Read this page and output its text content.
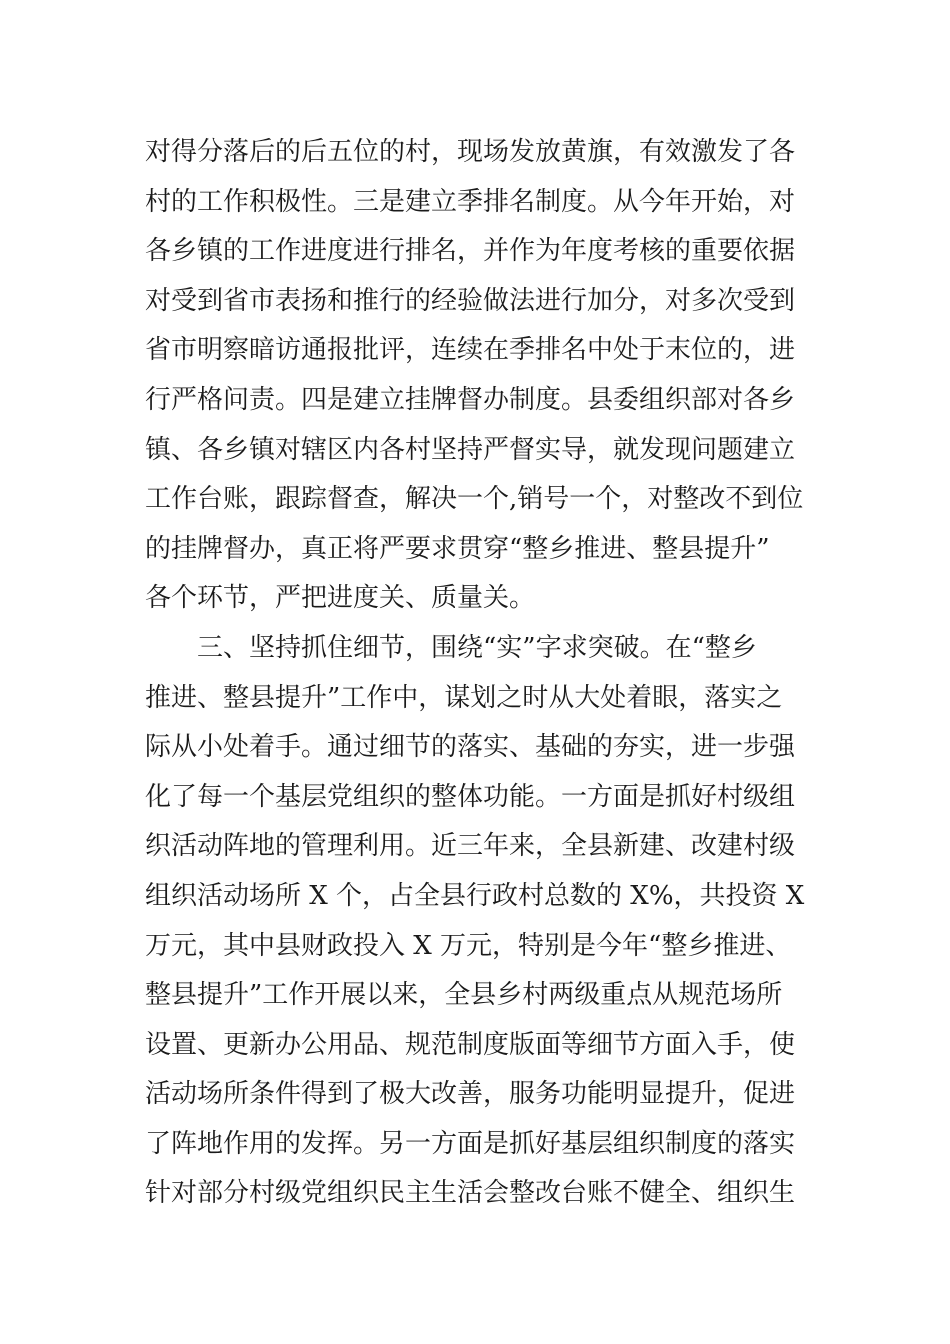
对得分落后的后五位的村，现场发放黄旗，有效激发了各
村的工作积极性。三是建立季排名制度。从今年开始，对
各乡镇的工作进度进行排名，并作为年度考核的重要依据
对受到省市表扬和推行的经验做法进行加分，对多次受到
省市明察暗访通报批评，连续在季排名中处于末位的，进
行严格问责。四是建立挂牌督办制度。县委组织部对各乡
镇、各乡镇对辖区内各村坚持严督实导，就发现问题建立
工作台账，跟踪督查，解决一个,销号一个，对整改不到位
的挂牌督办，真正将严要求贯穿“整乡推进、整县提升”
各个环节，严把进度关、质量关。
　　三、坚持抓住细节，围绕“实”字求突破。在“整乡
推进、整县提升”工作中，谋划之时从大处着眼，落实之
际从小处着手。通过细节的落实、基础的夯实，进一步强
化了每一个基层党组织的整体功能。一方面是抓好村级组
织活动阵地的管理利用。近三年来，全县新建、改建村级
组织活动场所 X 个，占全县行政村总数的 X%，共投资 X
万元，其中县财政投入 X 万元，特别是今年“整乡推进、
整县提升”工作开展以来，全县乡村两级重点从规范场所
设置、更新办公用品、规范制度版面等细节方面入手，使
活动场所条件得到了极大改善，服务功能明显提升，促进
了阵地作用的发挥。另一方面是抓好基层组织制度的落实
针对部分村级党组织民主生活会整改台账不健全、组织生
